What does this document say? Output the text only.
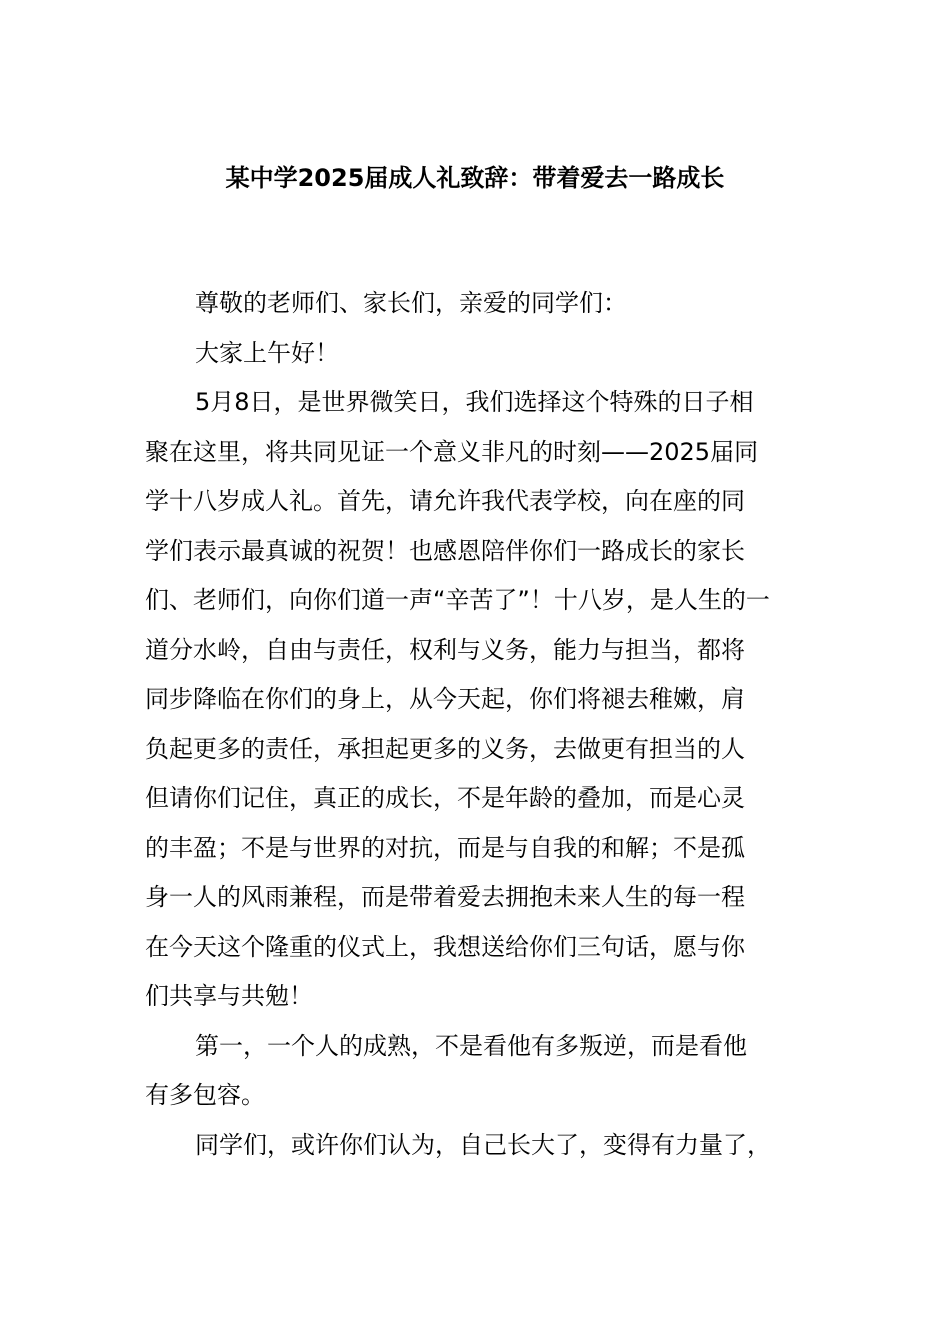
某中学2025届成人礼致辞：带着爱去一路成长
尊敬的老师们、家长们，亲爱的同学们：
大家上午好！
5月8日，是世界微笑日，我们选择这个特殊的日子相
聚在这里，将共同见证一个意义非凡的时刻——2025届同
学十八岁成人礼。首先，请允许我代表学校，向在座的同
学们表示最真诚的祝贺！也感恩陪伴你们一路成长的家长
们、老师们，向你们道一声“辛苦了”！十八岁，是人生的一
道分水岭，自由与责任，权利与义务，能力与担当，都将
同步降临在你们的身上，从今天起，你们将褪去稚嫩，肩
负起更多的责任，承担起更多的义务，去做更有担当的人
但请你们记住，真正的成长，不是年龄的叠加，而是心灵
的丰盈；不是与世界的对抗，而是与自我的和解；不是孤
身一人的风雨兼程，而是带着爱去拥抱未来人生的每一程
在今天这个隆重的仪式上，我想送给你们三句话，愿与你
们共享与共勉！
第一，一个人的成熟，不是看他有多叛逆，而是看他
有多包容。
同学们，或许你们认为，自己长大了，变得有力量了，
